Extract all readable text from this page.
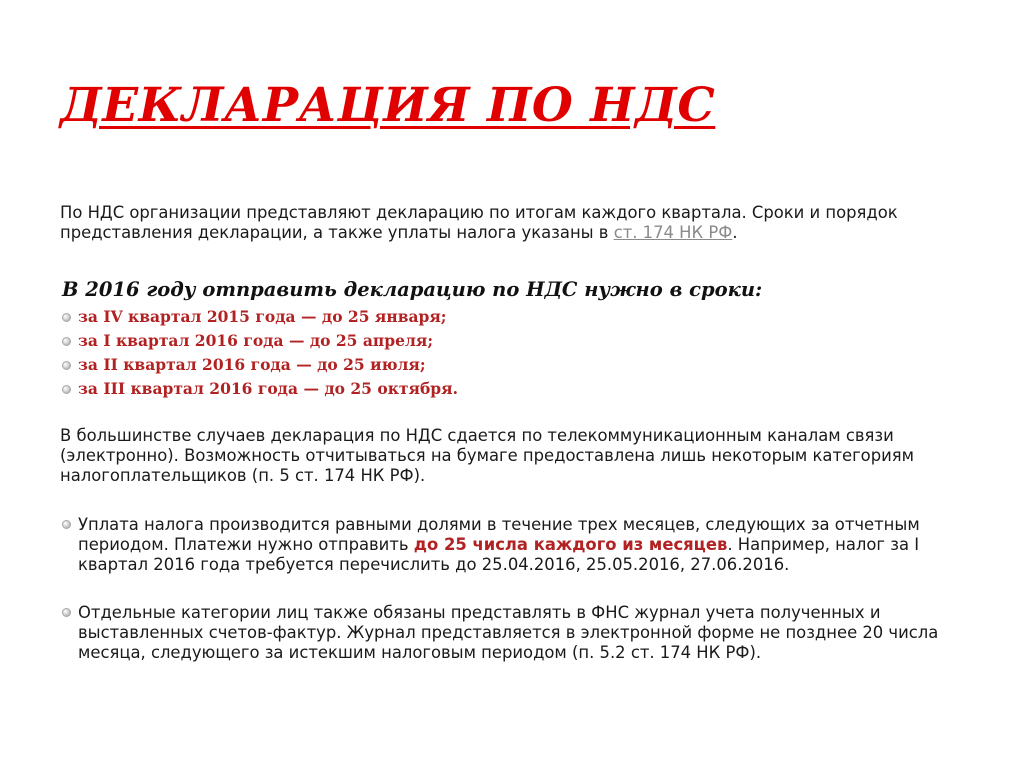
ДЕКЛАРАЦИЯ ПО НДС

По НДС организации представляют декларацию по итогам каждого квартала. Сроки и порядок представления декларации, а также уплаты налога указаны в ст. 174 НК РФ.

В 2016 году отправить декларацию по НДС нужно в сроки:
за IV квартал 2015 года — до 25 января;
за I квартал 2016 года — до 25 апреля;
за II квартал 2016 года — до 25 июля;
за III квартал 2016 года — до 25 октября.

В большинстве случаев декларация по НДС сдается по телекоммуникационным каналам связи (электронно). Возможность отчитываться на бумаге предоставлена лишь некоторым категориям налогоплательщиков (п. 5 ст. 174 НК РФ).

Уплата налога производится равными долями в течение трех месяцев, следующих за отчетным периодом. Платежи нужно отправить до 25 числа каждого из месяцев. Например, налог за I квартал 2016 года требуется перечислить до 25.04.2016, 25.05.2016, 27.06.2016.

Отдельные категории лиц также обязаны представлять в ФНС журнал учета полученных и выставленных счетов-фактур. Журнал представляется в электронной форме не позднее 20 числа месяца, следующего за истекшим налоговым периодом (п. 5.2 ст. 174 НК РФ).
